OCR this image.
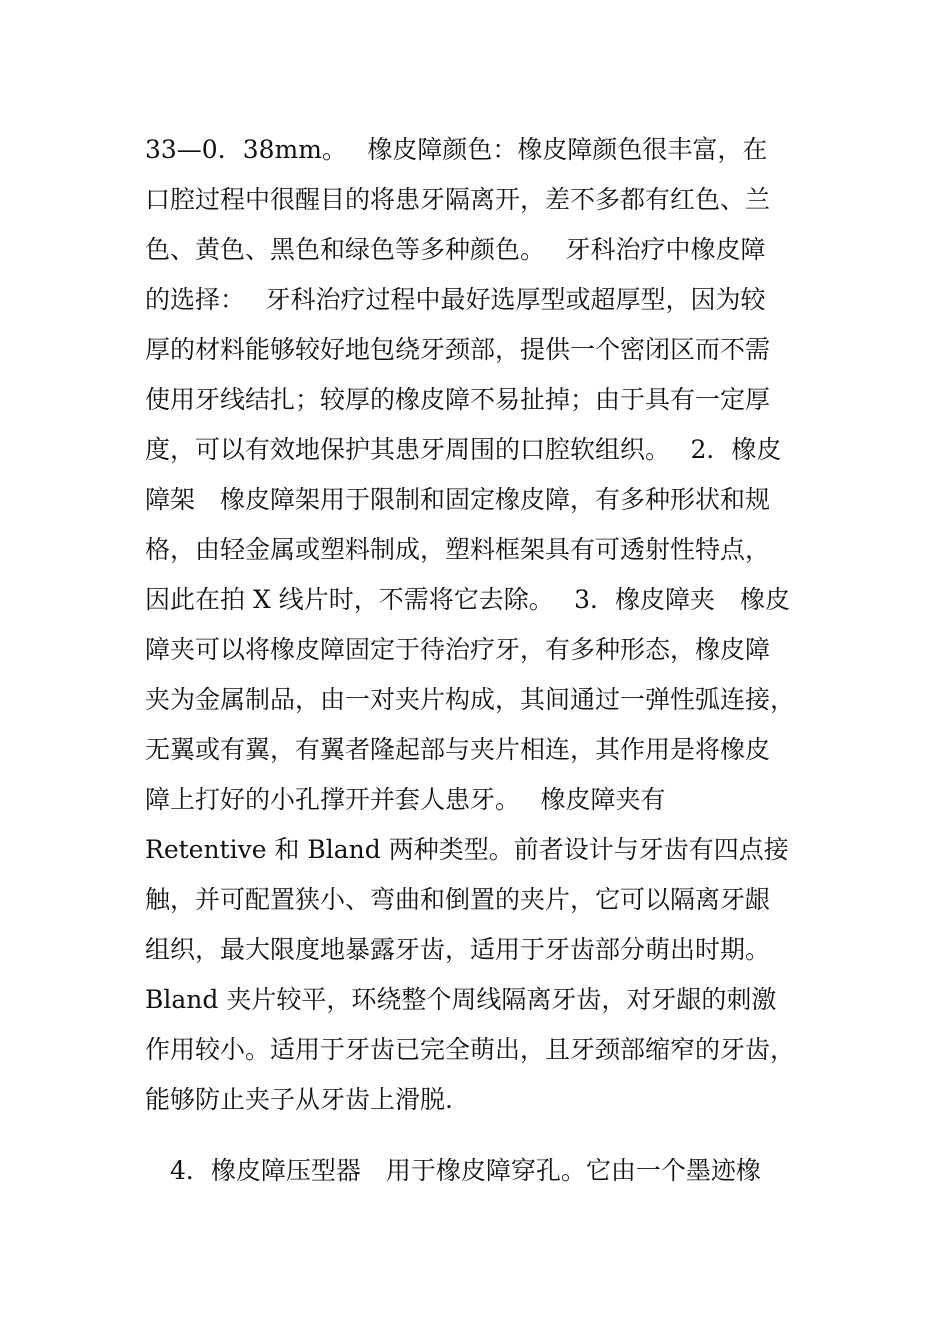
33—0．38mm。　 橡皮障颜色：橡皮障颜色很丰富，在
口腔过程中很醒目的将患牙隔离开，差不多都有红色、兰
色、黄色、黑色和绿色等多种颜色。　 牙科治疗中橡皮障
的选择：　 牙科治疗过程中最好选厚型或超厚型，因为较
厚的材料能够较好地包绕牙颈部，提供一个密闭区而不需
使用牙线结扎；较厚的橡皮障不易扯掉；由于具有一定厚
度，可以有效地保护其患牙周围的口腔软组织。　 2．橡皮
障架　橡皮障架用于限制和固定橡皮障，有多种形状和规
格，由轻金属或塑料制成，塑料框架具有可透射性特点，
因此在拍 X 线片时，不需将它去除。　 3．橡皮障夹　橡皮
障夹可以将橡皮障固定于待治疗牙，有多种形态，橡皮障
夹为金属制品，由一对夹片构成，其间通过一弹性弧连接，
无翼或有翼，有翼者隆起部与夹片相连，其作用是将橡皮
障上打好的小孔撑开并套人患牙。　 橡皮障夹有
Retentive 和 Bland 两种类型。前者设计与牙齿有四点接
触，并可配置狭小、弯曲和倒置的夹片，它可以隔离牙龈
组织，最大限度地暴露牙齿，适用于牙齿部分萌出时期。
Bland 夹片较平，环绕整个周线隔离牙齿，对牙龈的刺激
作用较小。适用于牙齿已完全萌出，且牙颈部缩窄的牙齿，
能够防止夹子从牙齿上滑脱.
　4．橡皮障压型器　用于橡皮障穿孔。它由一个墨迹橡
